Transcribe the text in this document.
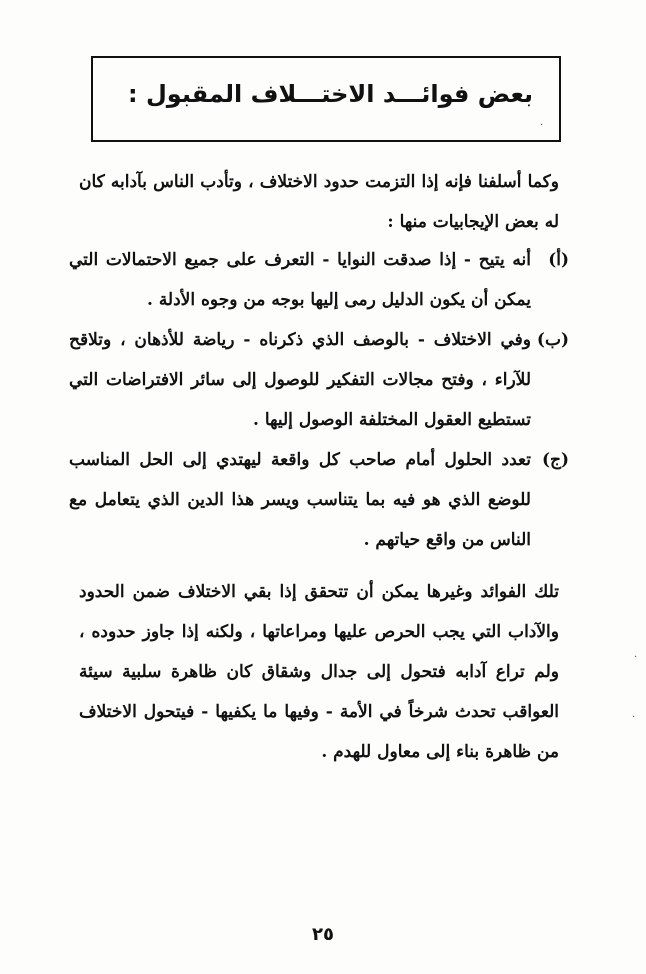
بعض فوائـــد الاختـــلاف المقبول :
وكما أسلفنا فإنه إذا التزمت حدود الاختلاف ، وتأدب الناس بآدابه كان له بعض الإيجابيات منها :
(أ)
أنه يتيح - إذا صدقت النوايا - التعرف على جميع الاحتمالات التي يمكن أن يكون الدليل رمى إليها بوجه من وجوه الأدلة .
(ب)
وفي الاختلاف - بالوصف الذي ذكرناه - رياضة للأذهان ، وتلاقح للآراء ، وفتح مجالات التفكير للوصول إلى سائر الافتراضات التي تستطيع العقول المختلفة الوصول إليها .
(ج)
تعدد الحلول أمام صاحب كل واقعة ليهتدي إلى الحل المناسب للوضع الذي هو فيه بما يتناسب ويسر هذا الدين الذي يتعامل مع الناس من واقع حياتهم .
تلك الفوائد وغيرها يمكن أن تتحقق إذا بقي الاختلاف ضمن الحدود والآداب التي يجب الحرص عليها ومراعاتها ، ولكنه إذا جاوز حدوده ، ولم تراع آدابه فتحول إلى جدال وشقاق كان ظاهرة سلبية سيئة العواقب تحدث شرخاً في الأمة - وفيها ما يكفيها - فيتحول الاختلاف من ظاهرة بناء إلى معاول للهدم .
٢٥
·
·
·
